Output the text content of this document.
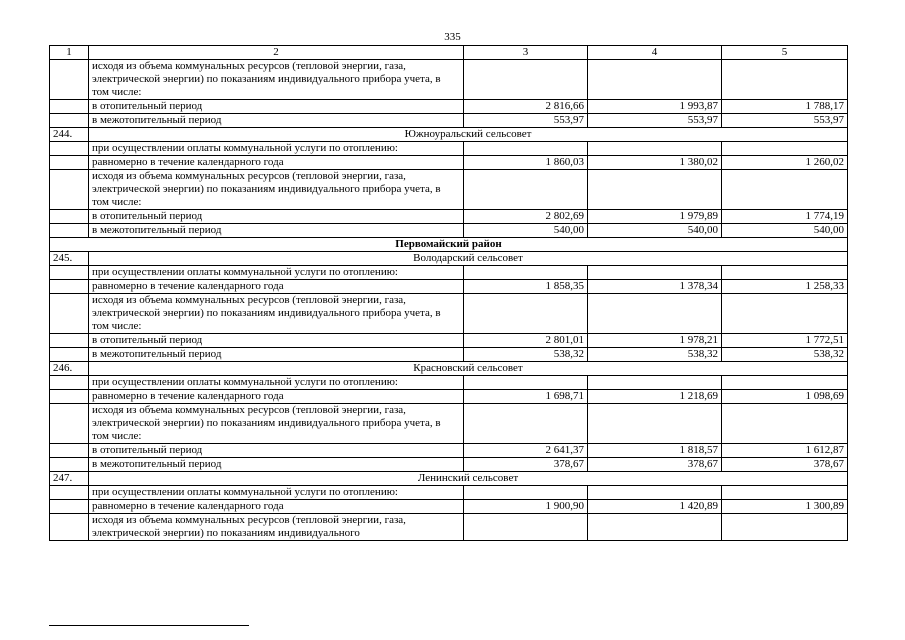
335
1	2	3	4	5
	исходя из объема коммунальных ресурсов (тепловой энергии, газа, электрической энергии) по показаниям индивидуального прибора учета, в том числе:			
	в отопительный период	2 816,66	1 993,87	1 788,17
	в межотопительный период	553,97	553,97	553,97
244.	Южноуральский сельсовет			
	при осуществлении оплаты коммунальной услуги по отоплению:			
	равномерно в течение календарного года	1 860,03	1 380,02	1 260,02
	исходя из объема коммунальных ресурсов (тепловой энергии, газа, электрической энергии) по показаниям индивидуального прибора учета, в том числе:			
	в отопительный период	2 802,69	1 979,89	1 774,19
	в межотопительный период	540,00	540,00	540,00
Первомайский район				
245.	Володарский сельсовет			
	при осуществлении оплаты коммунальной услуги по отоплению:			
	равномерно в течение календарного года	1 858,35	1 378,34	1 258,33
	исходя из объема коммунальных ресурсов (тепловой энергии, газа, электрической энергии) по показаниям индивидуального прибора учета, в том числе:			
	в отопительный период	2 801,01	1 978,21	1 772,51
	в межотопительный период	538,32	538,32	538,32
246.	Красновский сельсовет			
	при осуществлении оплаты коммунальной услуги по отоплению:			
	равномерно в течение календарного года	1 698,71	1 218,69	1 098,69
	исходя из объема коммунальных ресурсов (тепловой энергии, газа, электрической энергии) по показаниям индивидуального прибора учета, в том числе:			
	в отопительный период	2 641,37	1 818,57	1 612,87
	в межотопительный период	378,67	378,67	378,67
247.	Ленинский сельсовет			
	при осуществлении оплаты коммунальной услуги по отоплению:			
	равномерно в течение календарного года	1 900,90	1 420,89	1 300,89
	исходя из объема коммунальных ресурсов (тепловой энергии, газа, электрической энергии) по показаниям индивидуального			
